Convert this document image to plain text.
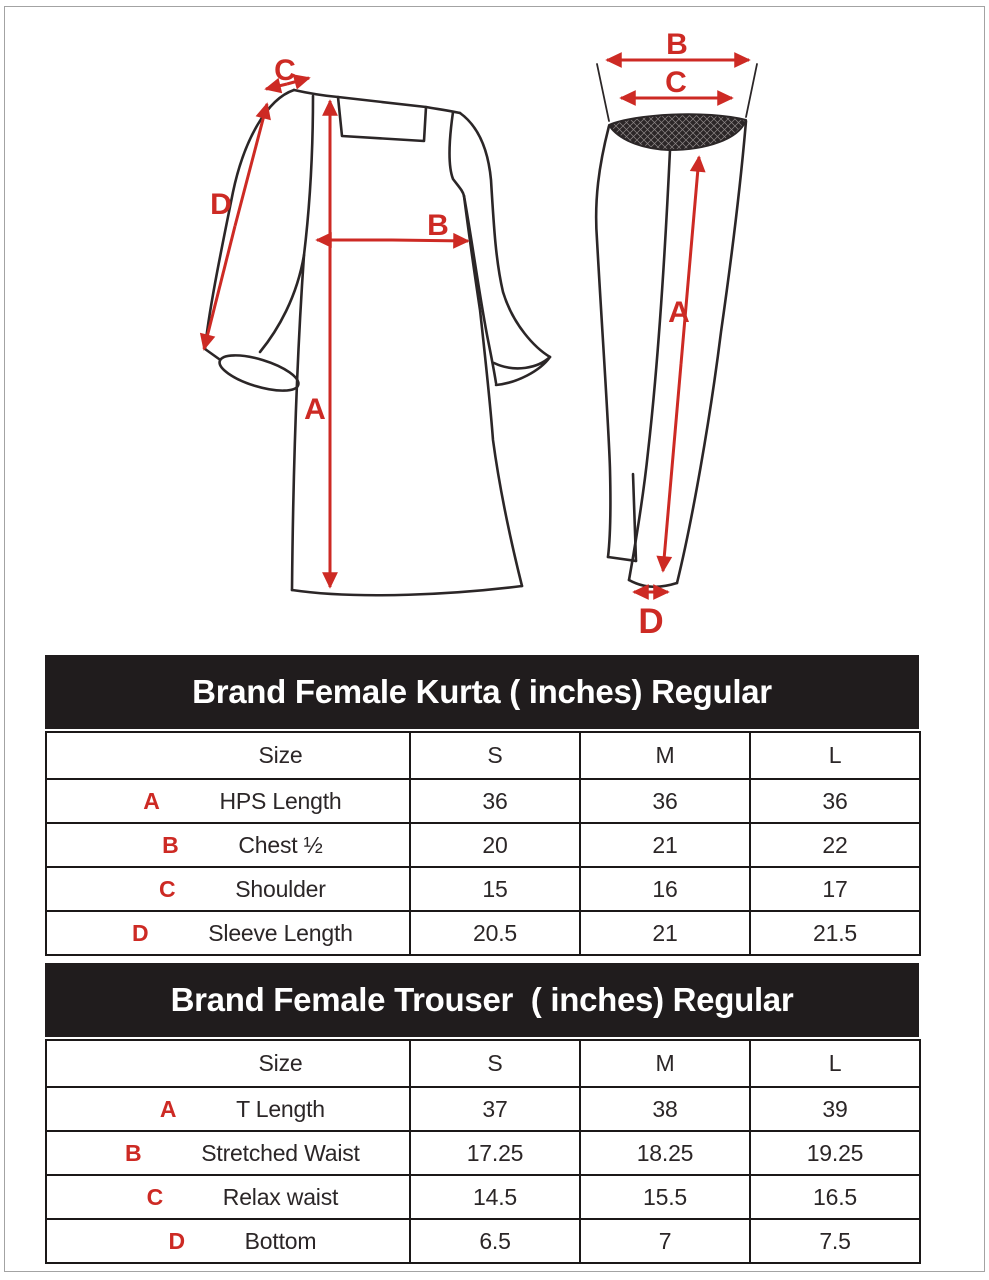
A
B
C
D
A
B
C
D
Brand Female Kurta ( inches) Regular
Size	S	M	L
A HPS Length	36	36	36
B Chest ½	20	21	22
C Shoulder	15	16	17
D Sleeve Length	20.5	21	21.5
Brand Female Trouser  ( inches) Regular
Size	S	M	L
A T Length	37	38	39
B Stretched Waist	17.25	18.25	19.25
C Relax waist	14.5	15.5	16.5
D Bottom	6.5	7	7.5
